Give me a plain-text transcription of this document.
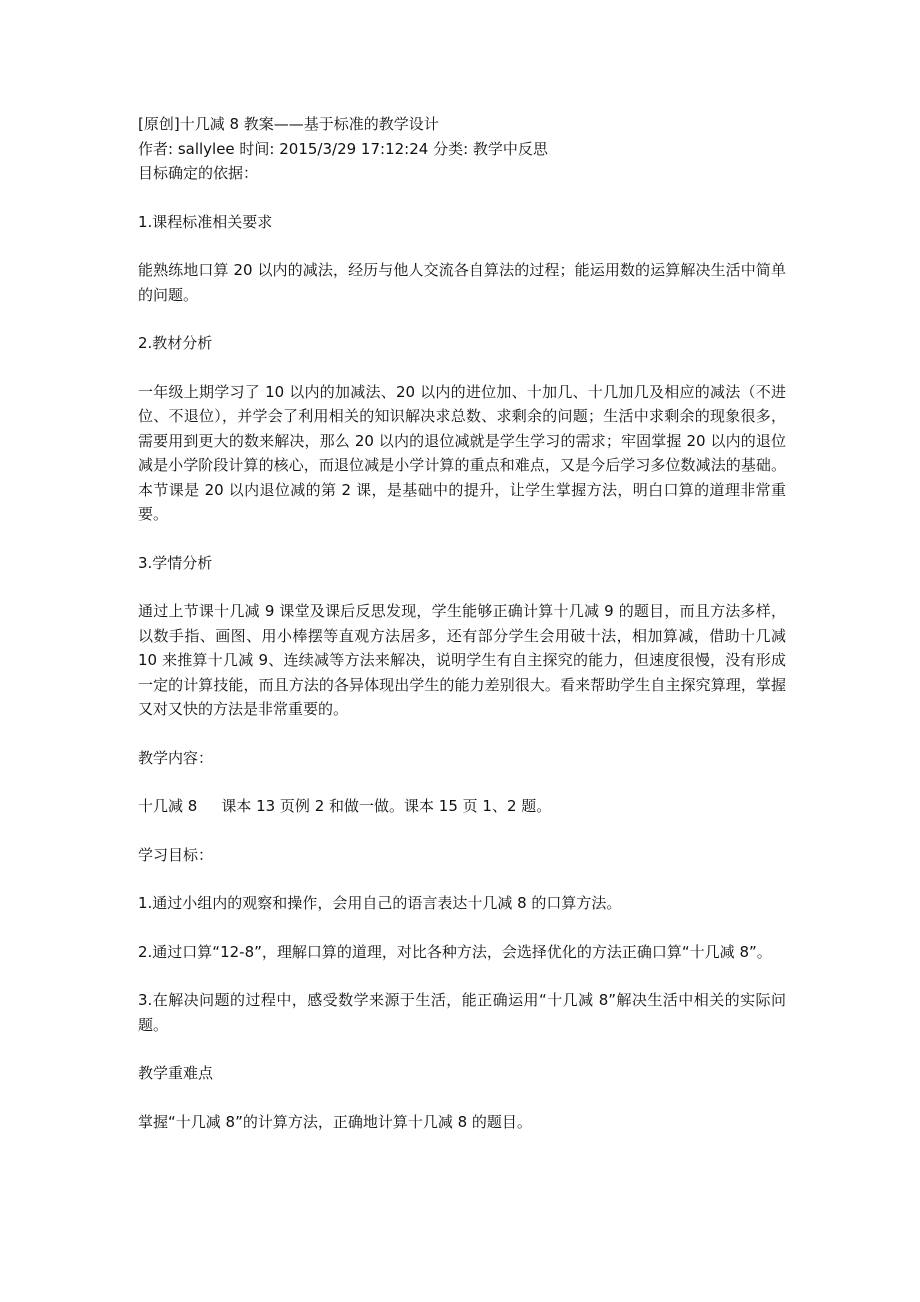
[原创]十几减 8 教案——基于标准的教学设计

作者: sallylee 时间: 2015/3/29 17:12:24 分类: 教学中反思

目标确定的依据：

1.课程标准相关要求

能熟练地口算 20 以内的减法，经历与他人交流各自算法的过程；能运用数的运算解决生活中简单的问题。

2.教材分析

一年级上期学习了 10 以内的加减法、20 以内的进位加、十加几、十几加几及相应的减法（不进位、不退位），并学会了利用相关的知识解决求总数、求剩余的问题；生活中求剩余的现象很多，需要用到更大的数来解决，那么 20 以内的退位减就是学生学习的需求；牢固掌握 20 以内的退位减是小学阶段计算的核心，而退位减是小学计算的重点和难点，又是今后学习多位数减法的基础。本节课是 20 以内退位减的第 2 课，是基础中的提升，让学生掌握方法，明白口算的道理非常重要。

3.学情分析

通过上节课十几减 9 课堂及课后反思发现，学生能够正确计算十几减 9 的题目，而且方法多样，以数手指、画图、用小棒摆等直观方法居多，还有部分学生会用破十法，相加算减，借助十几减 10 来推算十几减 9、连续减等方法来解决，说明学生有自主探究的能力，但速度很慢，没有形成一定的计算技能，而且方法的各异体现出学生的能力差别很大。看来帮助学生自主探究算理，掌握又对又快的方法是非常重要的。

教学内容：

十几减 8 课本 13 页例 2 和做一做。课本 15 页 1、2 题。

学习目标：

1.通过小组内的观察和操作，会用自己的语言表达十几减 8 的口算方法。

2.通过口算“12-8”，理解口算的道理，对比各种方法，会选择优化的方法正确口算“十几减 8”。

3.在解决问题的过程中，感受数学来源于生活，能正确运用“十几减 8”解决生活中相关的实际问题。

教学重难点

掌握“十几减 8”的计算方法，正确地计算十几减 8 的题目。
